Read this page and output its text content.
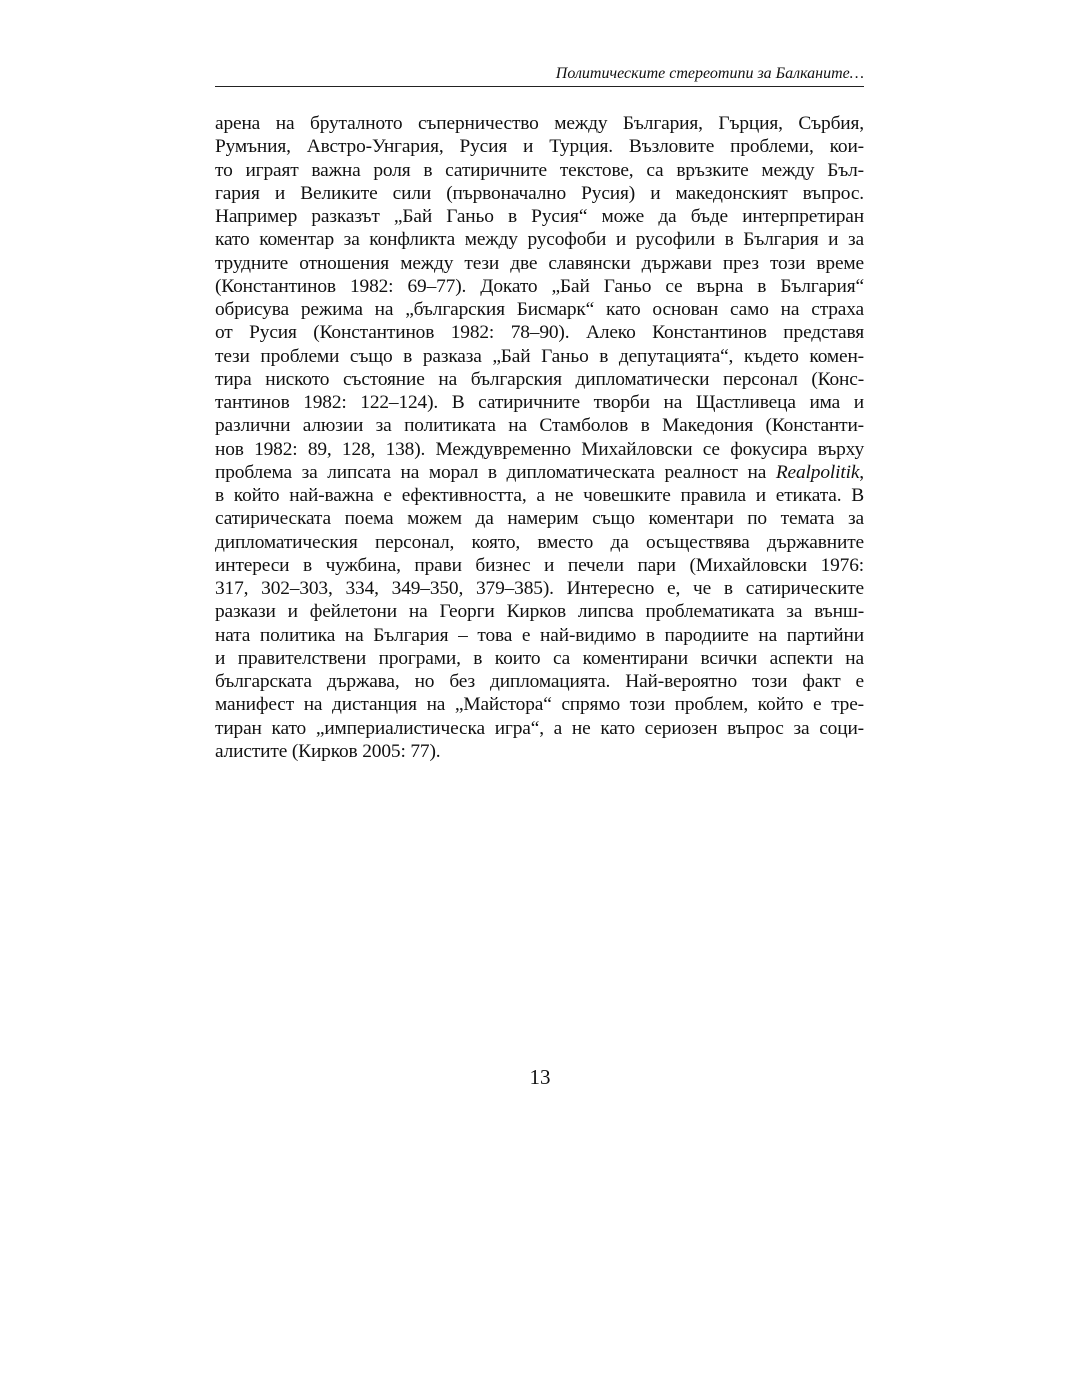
Политическите стереотипи за Балканите…
арена на бруталното съперничество между България, Гърция, Сърбия,
Румъния, Австро-Унгария, Русия и Турция. Възловите проблеми, кои-
то играят важна роля в сатиричните текстове, са връзките между Бъл-
гария и Великите сили (първоначално Русия) и македонският въпрос.
Например разказът „Бай Ганьо в Русия“ може да бъде интерпретиран
като коментар за конфликта между русофоби и русофили в България и за
трудните отношения между тези две славянски държави през този време
(Константинов 1982: 69–77). Докато „Бай Ганьо се върна в България“
обрисува режима на „българския Бисмарк“ като основан само на страха
от Русия (Константинов 1982: 78–90). Алеко Константинов представя
тези проблеми също в разказа „Бай Ганьо в депутацията“, където комен-
тира ниското състояние на българския дипломатически персонал (Конс-
тантинов 1982: 122–124). В сатиричните творби на Щастливеца има и
различни алюзии за политиката на Стамболов в Македония (Константи-
нов 1982: 89, 128, 138). Междувременно Михайловски се фокусира върху
проблема за липсата на морал в дипломатическата реалност на Realpolitik,
в който най-важна е ефективността, а не човешките правила и етиката. В
сатирическата поема можем да намерим също коментари по темата за
дипломатическия персонал, която, вместо да осъществява държавните
интереси в чужбина, прави бизнес и печели пари (Михайловски 1976:
317, 302–303, 334, 349–350, 379–385). Интересно е, че в сатирическите
разкази и фейлетони на Георги Кирков липсва проблематиката за външ-
ната политика на България – това е най-видимо в пародиите на партийни
и правителствени програми, в които са коментирани всички аспекти на
българската държава, но без дипломацията. Най-вероятно този факт е
манифест на дистанция на „Майстора“ спрямо този проблем, който е тре-
тиран като „империалистическа игра“, а не като сериозен въпрос за соци-
алистите (Кирков 2005: 77).
13
